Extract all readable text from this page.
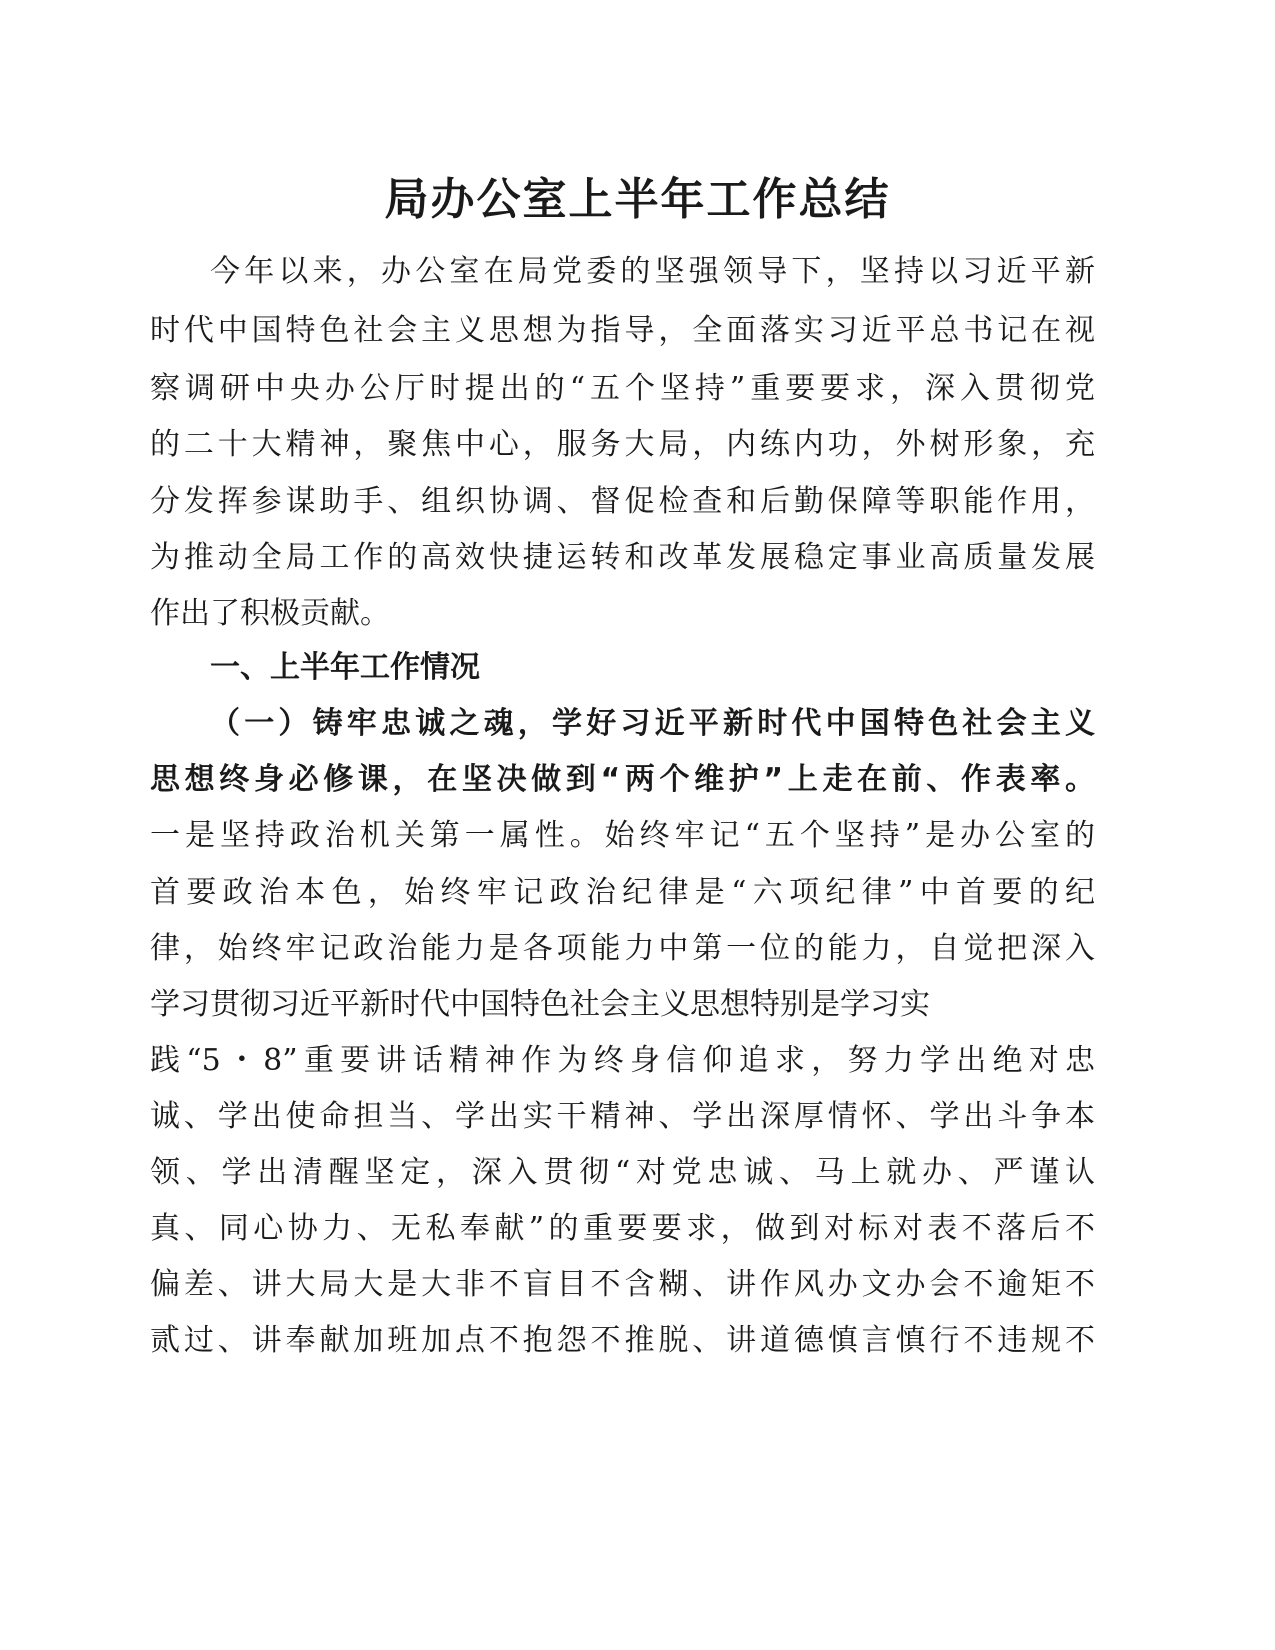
局办公室上半年工作总结
今年以来，办公室在局党委的坚强领导下，坚持以习近平新
时代中国特色社会主义思想为指导，全面落实习近平总书记在视
察调研中央办公厅时提出的“五个坚持”重要要求，深入贯彻党
的二十大精神，聚焦中心，服务大局，内练内功，外树形象，充
分发挥参谋助手、组织协调、督促检查和后勤保障等职能作用，
为推动全局工作的高效快捷运转和改革发展稳定事业高质量发展
作出了积极贡献。
一、上半年工作情况
（一）铸牢忠诚之魂，学好习近平新时代中国特色社会主义
思想终身必修课，在坚决做到“两个维护”上走在前、作表率。
一是坚持政治机关第一属性。始终牢记“五个坚持”是办公室的
首要政治本色，始终牢记政治纪律是“六项纪律”中首要的纪
律，始终牢记政治能力是各项能力中第一位的能力，自觉把深入
学习贯彻习近平新时代中国特色社会主义思想特别是学习实
践“5・8”重要讲话精神作为终身信仰追求，努力学出绝对忠
诚、学出使命担当、学出实干精神、学出深厚情怀、学出斗争本
领、学出清醒坚定，深入贯彻“对党忠诚、马上就办、严谨认
真、同心协力、无私奉献”的重要要求，做到对标对表不落后不
偏差、讲大局大是大非不盲目不含糊、讲作风办文办会不逾矩不
贰过、讲奉献加班加点不抱怨不推脱、讲道德慎言慎行不违规不
